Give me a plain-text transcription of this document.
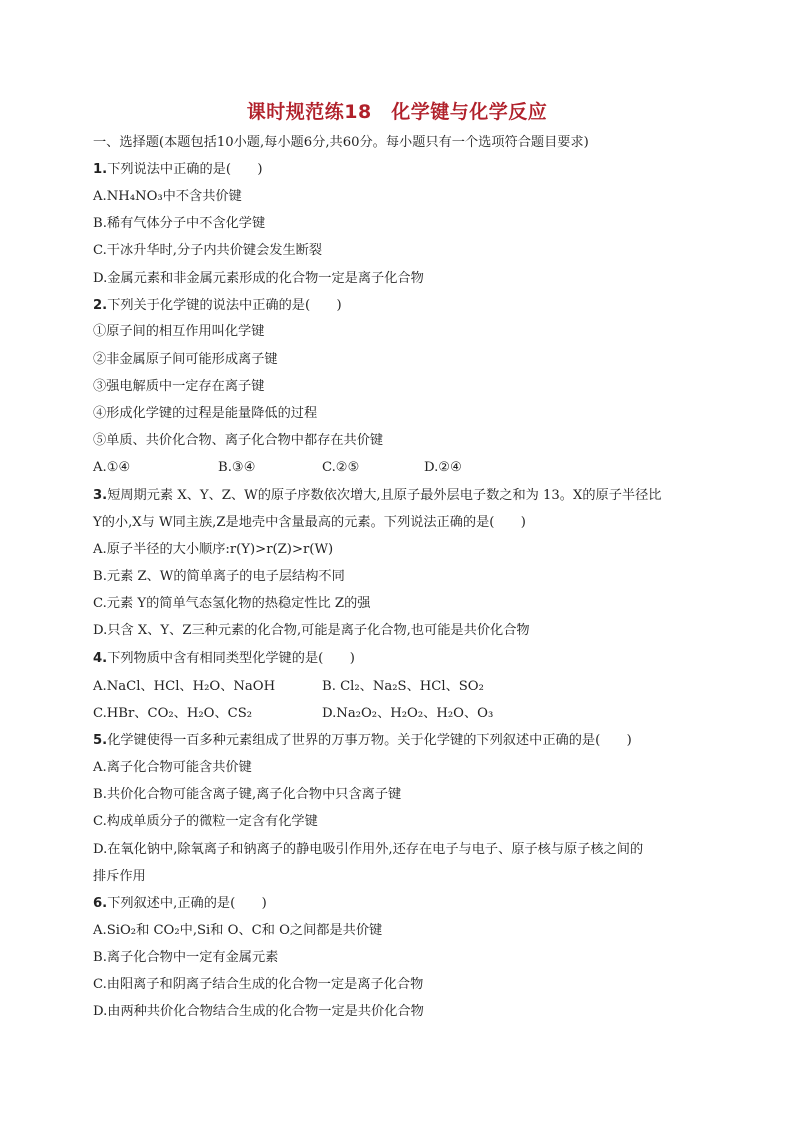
课时规范练18　化学键与化学反应
一、选择题(本题包括10小题,每小题6分,共60分。每小题只有一个选项符合题目要求)
1.下列说法中正确的是(　　)
A.NH₄NO₃中不含共价键
B.稀有气体分子中不含化学键
C.干冰升华时,分子内共价键会发生断裂
D.金属元素和非金属元素形成的化合物一定是离子化合物
2.下列关于化学键的说法中正确的是(　　)
①原子间的相互作用叫化学键
②非金属原子间可能形成离子键
③强电解质中一定存在离子键
④形成化学键的过程是能量降低的过程
⑤单质、共价化合物、离子化合物中都存在共价键
A.①④	B.③④	C.②⑤	D.②④
3.短周期元素 X、Y、Z、W的原子序数依次增大,且原子最外层电子数之和为 13。X的原子半径比
Y的小,X与 W同主族,Z是地壳中含量最高的元素。下列说法正确的是(　　)
A.原子半径的大小顺序:r(Y)>r(Z)>r(W)
B.元素 Z、W的简单离子的电子层结构不同
C.元素 Y的简单气态氢化物的热稳定性比 Z的强
D.只含 X、Y、Z三种元素的化合物,可能是离子化合物,也可能是共价化合物
4.下列物质中含有相同类型化学键的是(　　)
A.NaCl、HCl、H₂O、NaOH	B. Cl₂、Na₂S、HCl、SO₂
C.HBr、CO₂、H₂O、CS₂	D.Na₂O₂、H₂O₂、H₂O、O₃
5.化学键使得一百多种元素组成了世界的万事万物。关于化学键的下列叙述中正确的是(　　)
A.离子化合物可能含共价键
B.共价化合物可能含离子键,离子化合物中只含离子键
C.构成单质分子的微粒一定含有化学键
D.在氧化钠中,除氧离子和钠离子的静电吸引作用外,还存在电子与电子、原子核与原子核之间的
排斥作用
6.下列叙述中,正确的是(　　)
A.SiO₂和 CO₂中,Si和 O、C和 O之间都是共价键
B.离子化合物中一定有金属元素
C.由阳离子和阴离子结合生成的化合物一定是离子化合物
D.由两种共价化合物结合生成的化合物一定是共价化合物
